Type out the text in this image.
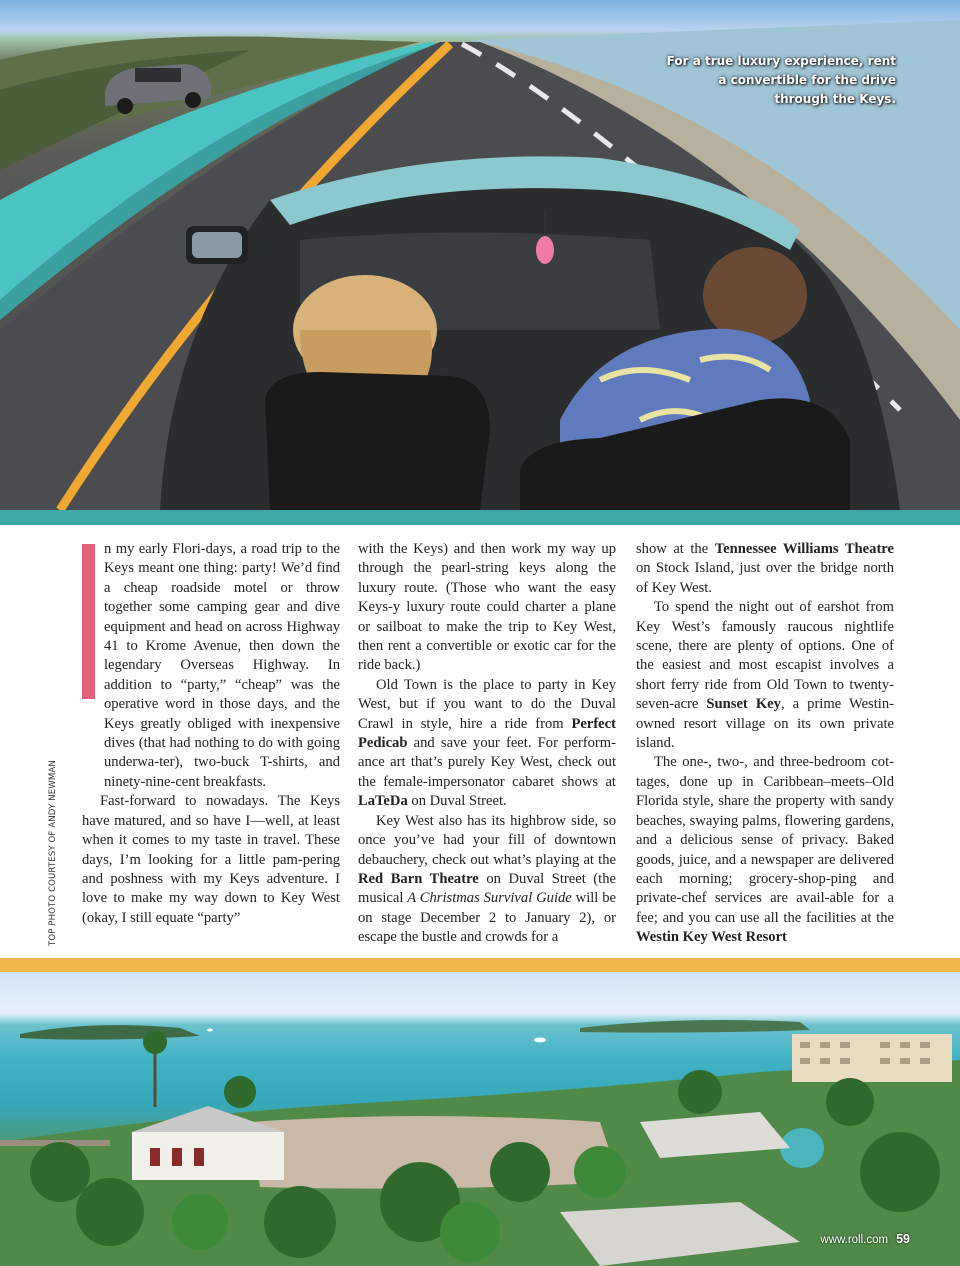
For a true luxury experience, rent a convertible for the drive through the Keys.
TOP PHOTO COURTESY OF ANDY NEWMAN

n my early Flori-days, a road trip to the Keys meant one thing: party! We’d find a cheap roadside motel or throw together some camping gear and dive equipment and head on across Highway 41 to Krome Avenue, then down the legendary Overseas Highway. In addition to “party,” “cheap” was the operative word in those days, and the Keys greatly obliged with inexpensive dives (that had nothing to do with going underwa-ter), two-buck T-shirts, and ninety-nine-cent breakfasts.

Fast-forward to nowadays. The Keys have matured, and so have I—well, at least when it comes to my taste in travel. These days, I’m looking for a little pam-pering and poshness with my Keys adventure. I love to make my way down to Key West (okay, I still equate “party”

with the Keys) and then work my way up through the pearl-string keys along the luxury route. (Those who want the easy Keys-y luxury route could charter a plane or sailboat to make the trip to Key West, then rent a convertible or exotic car for the ride back.)

Old Town is the place to party in Key West, but if you want to do the Duval Crawl in style, hire a ride from Perfect Pedicab and save your feet. For perform-ance art that’s purely Key West, check out the female-impersonator cabaret shows at LaTeDa on Duval Street.

Key West also has its highbrow side, so once you’ve had your fill of downtown debauchery, check out what’s playing at the Red Barn Theatre on Duval Street (the musical A Christmas Survival Guide will be on stage December 2 to January 2), or escape the bustle and crowds for a

show at the Tennessee Williams Theatre on Stock Island, just over the bridge north of Key West.

To spend the night out of earshot from Key West’s famously raucous nightlife scene, there are plenty of options. One of the easiest and most escapist involves a short ferry ride from Old Town to twenty-seven-acre Sunset Key, a prime Westin-owned resort village on its own private island.

The one-, two-, and three-bedroom cot-tages, done up in Caribbean–meets–Old Florida style, share the property with sandy beaches, swaying palms, flowering gardens, and a delicious sense of privacy. Baked goods, juice, and a newspaper are delivered each morning; grocery-shop-ping and private-chef services are avail-able for a fee; and you can use all the facilities at the Westin Key West Resort

www.roll.com 59
